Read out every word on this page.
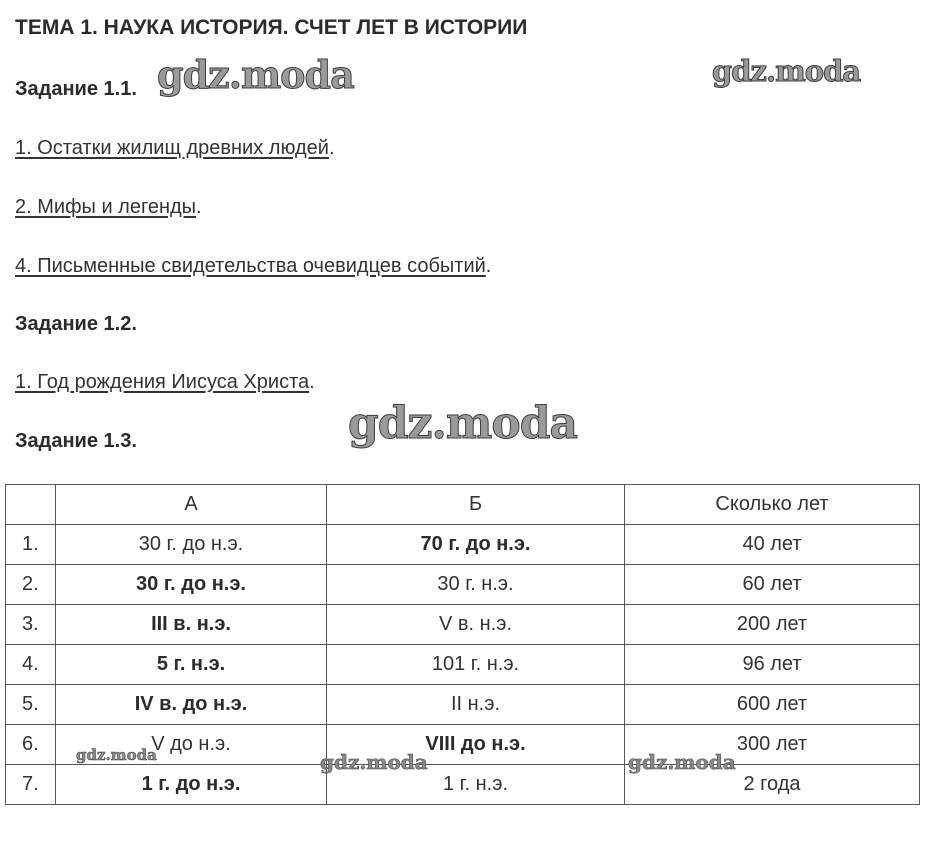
ТЕМА 1. НАУКА ИСТОРИЯ. СЧЕТ ЛЕТ В ИСТОРИИ
Задание 1.1.
1. Остатки жилищ древних людей.
2. Мифы и легенды.
4. Письменные свидетельства очевидцев событий.
Задание 1.2.
1. Год рождения Иисуса Христа.
Задание 1.3.
	А	Б	Сколько лет
1.	30 г. до н.э.	70 г. до н.э.	40 лет
2.	30 г. до н.э.	30 г. н.э.	60 лет
3.	III в. н.э.	V в. н.э.	200 лет
4.	5 г. н.э.	101 г. н.э.	96 лет
5.	IV в. до н.э.	II н.э.	600 лет
6.	V до н.э.	VIII до н.э.	300 лет
7.	1 г. до н.э.	1 г. н.э.	2 года
gdz.moda	gdz.moda
gdz.moda
gdz.moda	gdz.moda	gdz.moda
